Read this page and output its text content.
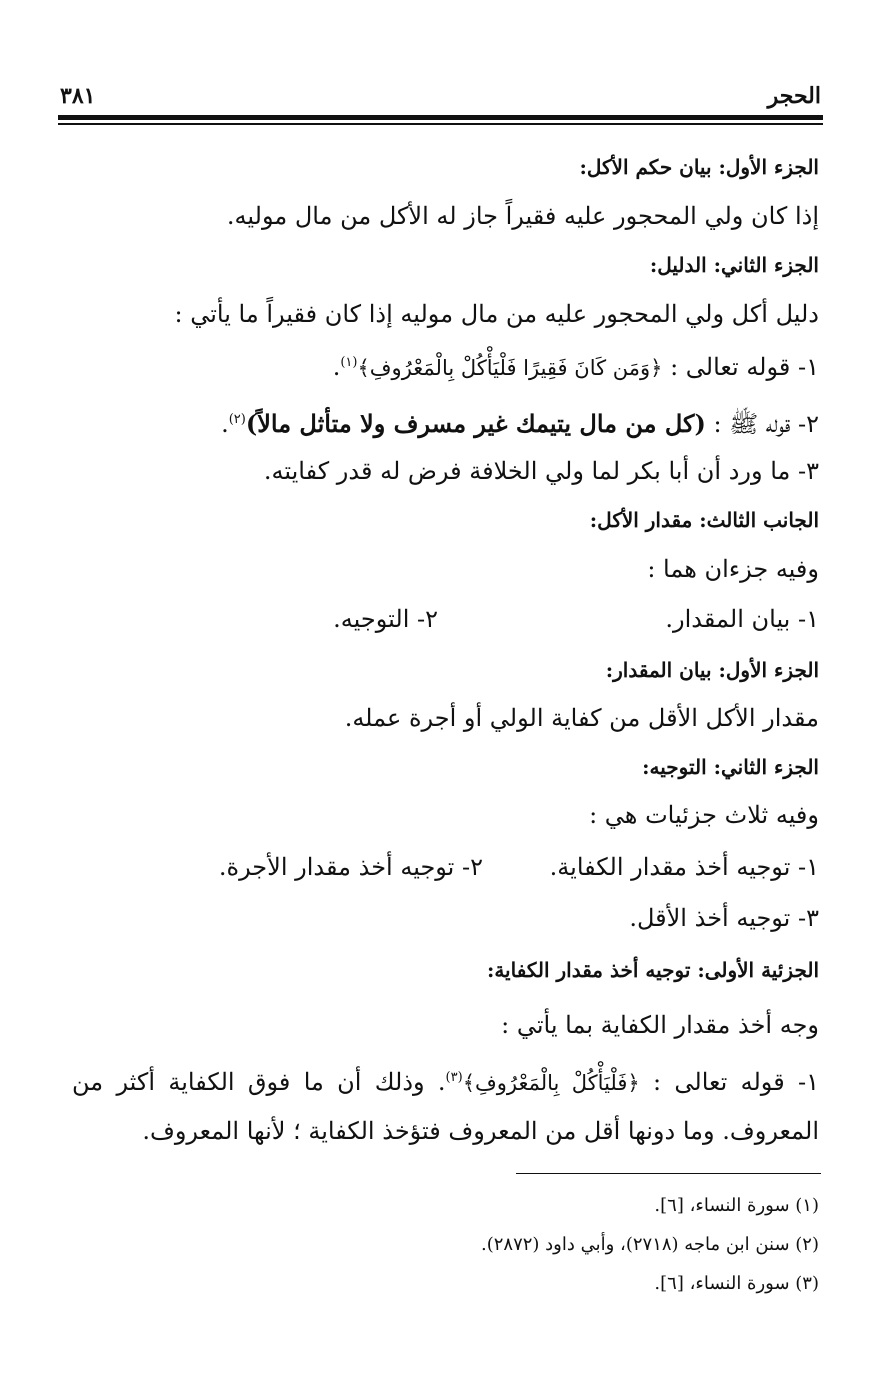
الحجر
٣٨١
الجزء الأول: بيان حكم الأكل:
إذا كان ولي المحجور عليه فقيراً جاز له الأكل من مال موليه.
الجزء الثاني: الدليل:
دليل أكل ولي المحجور عليه من مال موليه إذا كان فقيراً ما يأتي :
١- قوله تعالى : ﴿وَمَن كَانَ فَقِيرًا فَلْيَأْكُلْ بِالْمَعْرُوفِ﴾$^{(١)}$.
٢- قوله ﷺ : (كل من مال يتيمك غير مسرف ولا متأثل مالاً)$^{(٢)}$.
٣- ما ورد أن أبا بكر لما ولي الخلافة فرض له قدر كفايته.
الجانب الثالث: مقدار الأكل:
وفيه جزءان هما :
١- بيان المقدار.
٢- التوجيه.
الجزء الأول: بيان المقدار:
مقدار الأكل الأقل من كفاية الولي أو أجرة عمله.
الجزء الثاني: التوجيه:
وفيه ثلاث جزئيات هي :
١- توجيه أخذ مقدار الكفاية.
٢- توجيه أخذ مقدار الأجرة.
٣- توجيه أخذ الأقل.
الجزئية الأولى: توجيه أخذ مقدار الكفاية:
وجه أخذ مقدار الكفاية بما يأتي :
١- قوله تعالى : ﴿فَلْيَأْكُلْ بِالْمَعْرُوفِ﴾$^{(٣)}$. وذلك أن ما فوق الكفاية أكثر من
المعروف. وما دونها أقل من المعروف فتؤخذ الكفاية ؛ لأنها المعروف.
(١) سورة النساء، [٦].
(٢) سنن ابن ماجه (٢٧١٨)، وأبي داود (٢٨٧٢).
(٣) سورة النساء، [٦].
